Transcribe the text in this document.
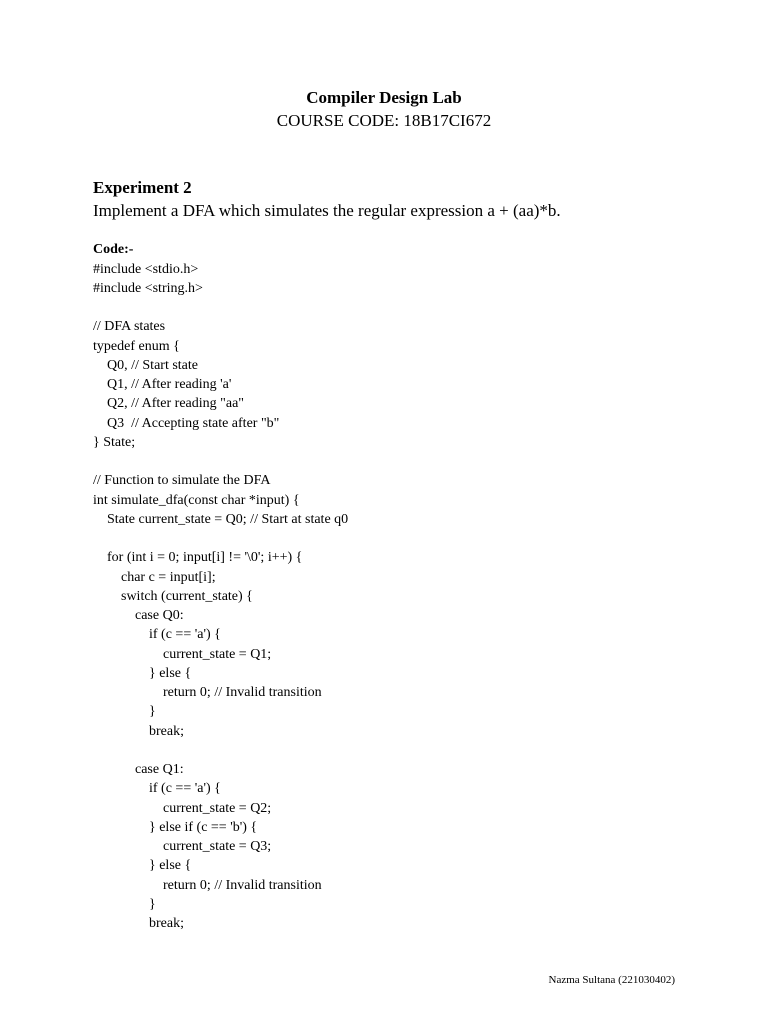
Compiler Design Lab
COURSE CODE: 18B17CI672
Experiment 2
Implement a DFA which simulates the regular expression a + (aa)*b.
Code:-
#include <stdio.h>
#include <string.h>
// DFA states
typedef enum {
Q0, // Start state
Q1, // After reading 'a'
Q2, // After reading "aa"
Q3  // Accepting state after "b"
} State;
// Function to simulate the DFA
int simulate_dfa(const char *input) {
State current_state = Q0; // Start at state q0
for (int i = 0; input[i] != '\0'; i++) {
char c = input[i];
switch (current_state) {
case Q0:
if (c == 'a') {
current_state = Q1;
} else {
return 0; // Invalid transition
}
break;
case Q1:
if (c == 'a') {
current_state = Q2;
} else if (c == 'b') {
current_state = Q3;
} else {
return 0; // Invalid transition
}
break;
Nazma Sultana (221030402)
